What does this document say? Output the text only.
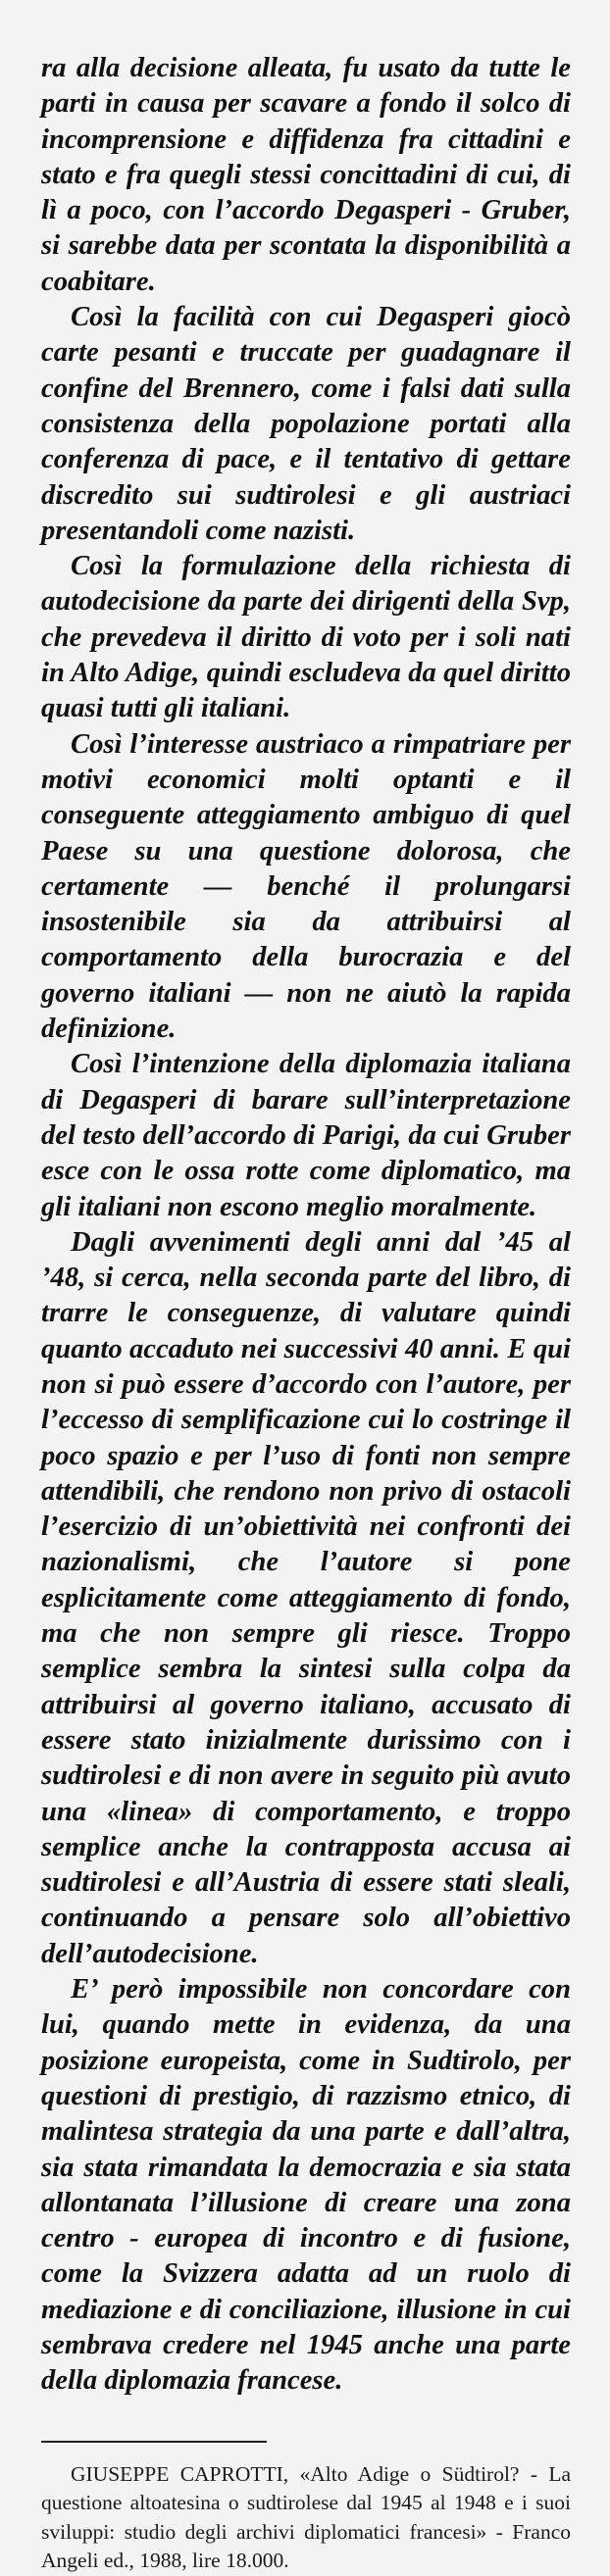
ra alla decisione alleata, fu usato da tutte le parti in causa per scavare a fondo il solco di incomprensione e diffidenza fra cittadini e stato e fra quegli stessi concittadini di cui, di lì a poco, con l’accordo Degasperi - Gruber, si sarebbe data per scontata la disponibilità a coabitare.

Così la facilità con cui Degasperi giocò carte pesanti e truccate per guadagnare il confine del Brennero, come i falsi dati sulla consistenza della popolazione portati alla conferenza di pace, e il tentativo di gettare discredito sui sudtirolesi e gli austriaci presentandoli come nazisti.

Così la formulazione della richiesta di autodecisione da parte dei dirigenti della Svp, che prevedeva il diritto di voto per i soli nati in Alto Adige, quindi escludeva da quel diritto quasi tutti gli italiani.

Così l’interesse austriaco a rimpatriare per motivi economici molti optanti e il conseguente atteggiamento ambiguo di quel Paese su una questione dolorosa, che certamente — benché il prolungarsi insostenibile sia da attribuirsi al comportamento della burocrazia e del governo italiani — non ne aiutò la rapida definizione.

Così l’intenzione della diplomazia italiana di Degasperi di barare sull’interpretazione del testo dell’accordo di Parigi, da cui Gruber esce con le ossa rotte come diplomatico, ma gli italiani non escono meglio moralmente.

Dagli avvenimenti degli anni dal ’45 al ’48, si cerca, nella seconda parte del libro, di trarre le conseguenze, di valutare quindi quanto accaduto nei successivi 40 anni. E qui non si può essere d’accordo con l’autore, per l’eccesso di semplificazione cui lo costringe il poco spazio e per l’uso di fonti non sempre attendibili, che rendono non privo di ostacoli l’esercizio di un’obiettività nei confronti dei nazionalismi, che l’autore si pone esplicitamente come atteggiamento di fondo, ma che non sempre gli riesce. Troppo semplice sembra la sintesi sulla colpa da attribuirsi al governo italiano, accusato di essere stato inizialmente durissimo con i sudtirolesi e di non avere in seguito più avuto una «linea» di comportamento, e troppo semplice anche la contrapposta accusa ai sudtirolesi e all’Austria di essere stati sleali, continuando a pensare solo all’obiettivo dell’autodecisione.

E’ però impossibile non concordare con lui, quando mette in evidenza, da una posizione europeista, come in Sudtirolo, per questioni di prestigio, di razzismo etnico, di malintesa strategia da una parte e dall’altra, sia stata rimandata la democrazia e sia stata allontanata l’illusione di creare una zona centro - europea di incontro e di fusione, come la Svizzera adatta ad un ruolo di mediazione e di conciliazione, illusione in cui sembrava credere nel 1945 anche una parte della diplomazia francese.

GIUSEPPE CAPROTTI, «Alto Adige o Südtirol? - La questione altoatesina o sudtirolese dal 1945 al 1948 e i suoi sviluppi: studio degli archivi diplomatici francesi» - Franco Angeli ed., 1988, lire 18.000.
